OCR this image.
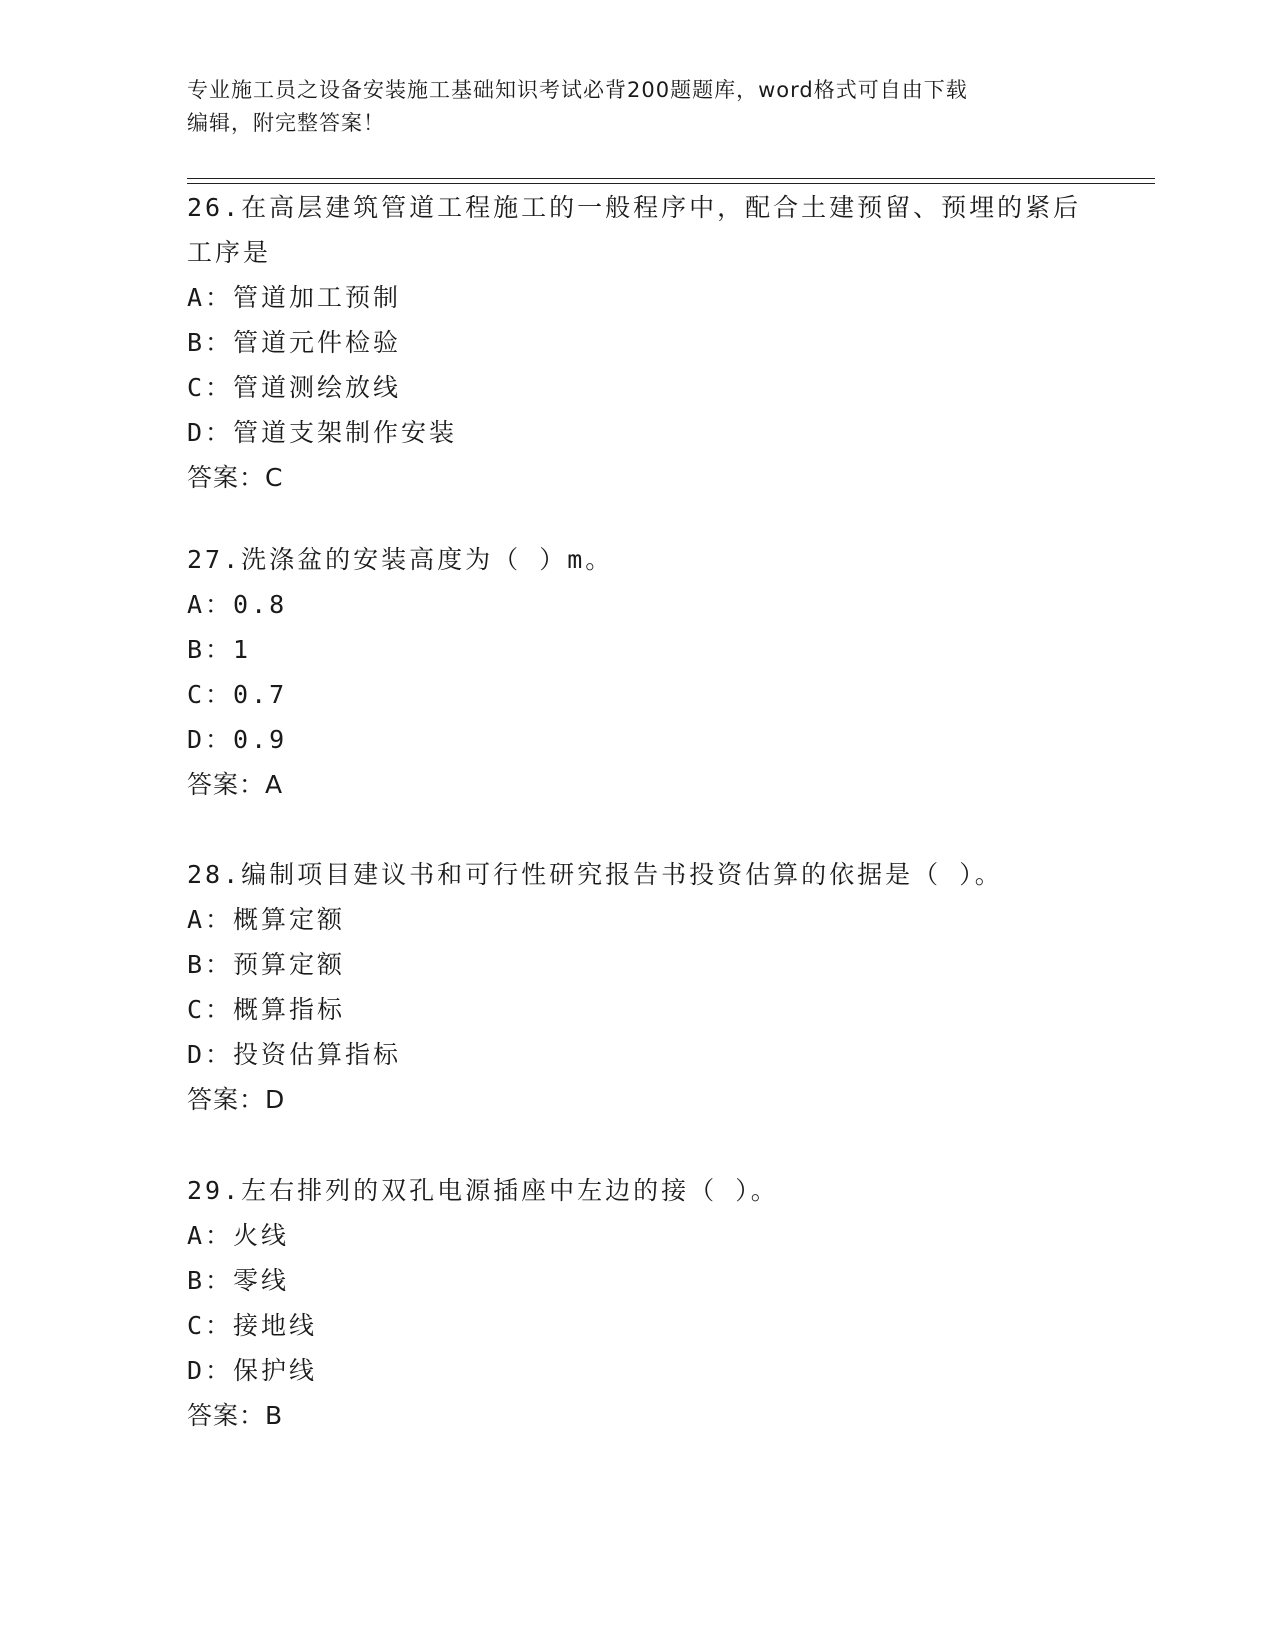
专业施工员之设备安装施工基础知识考试必背200题题库，word格式可自由下载
编辑，附完整答案！
26.在高层建筑管道工程施工的一般程序中，配合土建预留、预埋的紧后工序是
A：管道加工预制
B：管道元件检验
C：管道测绘放线
D：管道支架制作安装
答案：C
27.洗涤盆的安装高度为（ ）m。
A：0.8
B：1
C：0.7
D：0.9
答案：A
28.编制项目建议书和可行性研究报告书投资估算的依据是（ ）。
A：概算定额
B：预算定额
C：概算指标
D：投资估算指标
答案：D
29.左右排列的双孔电源插座中左边的接（ ）。
A：火线
B：零线
C：接地线
D：保护线
答案：B
